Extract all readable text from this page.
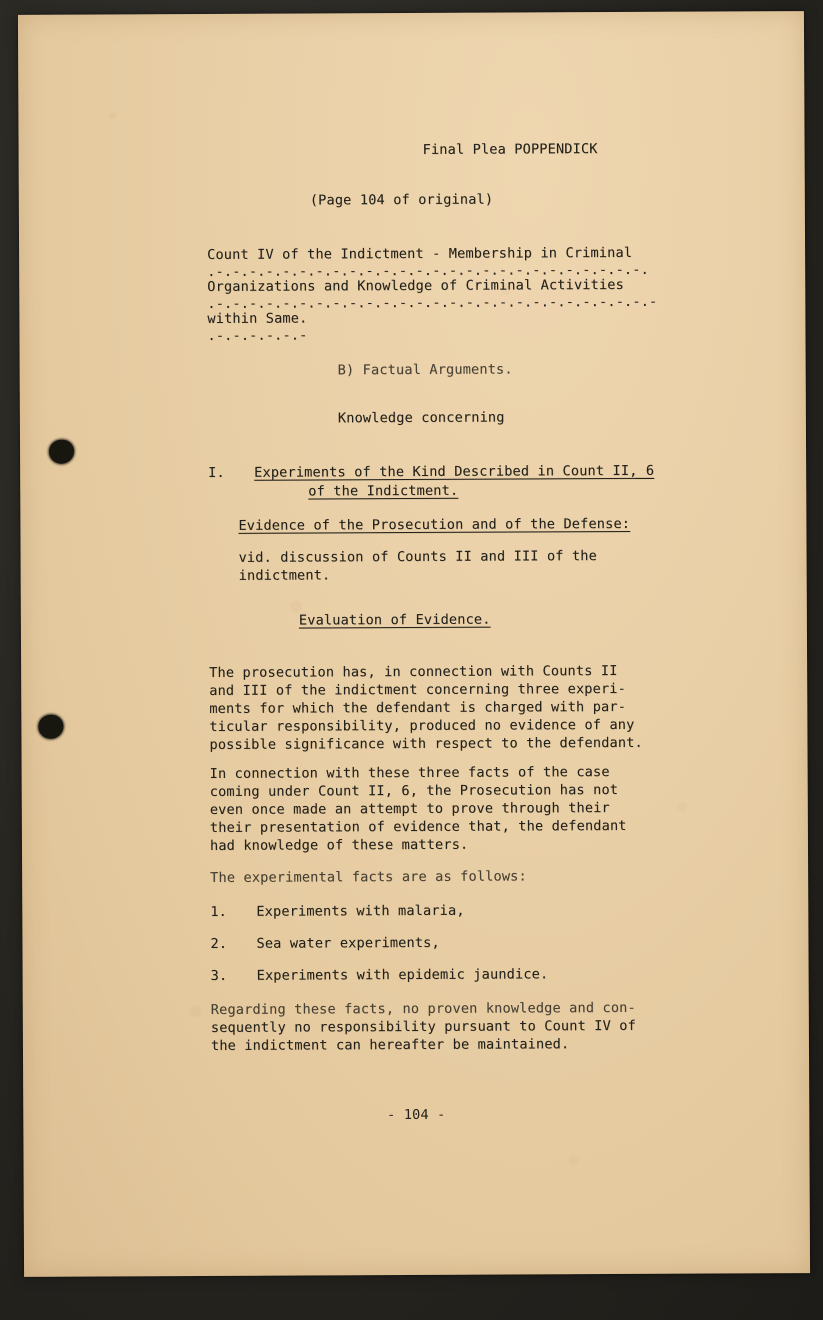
Final Plea POPPENDICK
(Page 104 of original)
Count IV of the Indictment - Membership in Criminal
.-.-.-.-.-.-.-.-.-.-.-.-.-.-.-.-.-.-.-.-.-.-.-.-.-.-.
Organizations and Knowledge of Criminal Activities
.-.-.-.-.-.-.-.-.-.-.-.-.-.-.-.-.-.-.-.-.-.-.-.-.-.-.-
within Same.
.-.-.-.-.-.-
B) Factual Arguments.
Knowledge concerning
I. Experiments of the Kind Described in Count II, 6
of the Indictment.
Evidence of the Prosecution and of the Defense:
vid. discussion of Counts II and III of the
indictment.
Evaluation of Evidence.
The prosecution has, in connection with Counts II
and III of the indictment concerning three experi-
ments for which the defendant is charged with par-
ticular responsibility, produced no evidence of any
possible significance with respect to the defendant.
In connection with these three facts of the case
coming under Count II, 6, the Prosecution has not
even once made an attempt to prove through their
their presentation of evidence that, the defendant
had knowledge of these matters.
The experimental facts are as follows:
1. Experiments with malaria,
2. Sea water experiments,
3. Experiments with epidemic jaundice.
Regarding these facts, no proven knowledge and con-
sequently no responsibility pursuant to Count IV of
the indictment can hereafter be maintained.
- 104 -
